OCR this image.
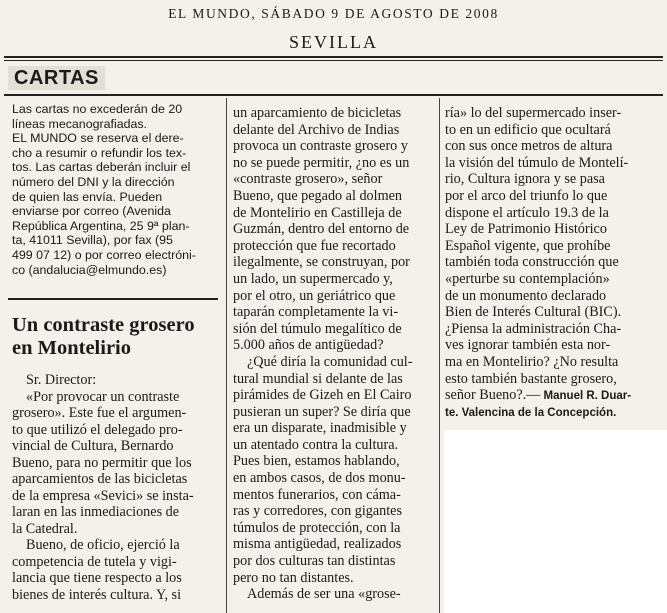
EL MUNDO, SÁBADO 9 DE AGOSTO DE 2008
SEVILLA
CARTAS
Las cartas no excederán de 20
líneas mecanografiadas.
EL MUNDO se reserva el dere-
cho a resumir o refundir los tex-
tos. Las cartas deberán incluir el
número del DNI y la dirección
de quien las envía. Pueden
enviarse por correo (Avenida
República Argentina, 25 9ª plan-
ta, 41011 Sevilla), por fax (95
499 07 12) o por correo electróni-
co (andalucia@elmundo.es)
Un contraste grosero
en Montelirio

Sr. Director:

«Por provocar un contraste
grosero». Este fue el argumen-
to que utilizó el delegado pro-
vincial de Cultura, Bernardo
Bueno, para no permitir que los
aparcamientos de las bicicletas
de la empresa «Sevici» se insta-
laran en las inmediaciones de
la Catedral.
Bueno, de oficio, ejerció la
competencia de tutela y vigi-
lancia que tiene respecto a los
bienes de interés cultura. Y, si
un aparcamiento de bicicletas
delante del Archivo de Indias
provoca un contraste grosero y
no se puede permitir, ¿no es un
«contraste grosero», señor
Bueno, que pegado al dolmen
de Montelirio en Castilleja de
Guzmán, dentro del entorno de
protección que fue recortado
ilegalmente, se construyan, por
un lado, un supermercado y,
por el otro, un geriátrico que
taparán completamente la vi-
sión del túmulo megalítico de
5.000 años de antigüedad?
¿Qué diría la comunidad cul-
tural mundial si delante de las
pirámides de Gizeh en El Cairo
pusieran un super? Se diría que
era un disparate, inadmisible y
un atentado contra la cultura.
Pues bien, estamos hablando,
en ambos casos, de dos monu-
mentos funerarios, con cáma-
ras y corredores, con gigantes
túmulos de protección, con la
misma antigüedad, realizados
por dos culturas tan distintas
pero no tan distantes.
Además de ser una «grose-
ría» lo del supermercado inser-
to en un edificio que ocultará
con sus once metros de altura
la visión del túmulo de Montelí-
rio, Cultura ignora y se pasa
por el arco del triunfo lo que
dispone el artículo 19.3 de la
Ley de Patrimonio Histórico
Español vigente, que prohíbe
también toda construcción que
«perturbe su contemplación»
de un monumento declarado
Bien de Interés Cultural (BIC).
¿Piensa la administración Cha-
ves ignorar también esta nor-
ma en Montelirio? ¿No resulta
esto también bastante grosero,
señor Bueno?.— Manuel R. Duar-
te. Valencina de la Concepción.
